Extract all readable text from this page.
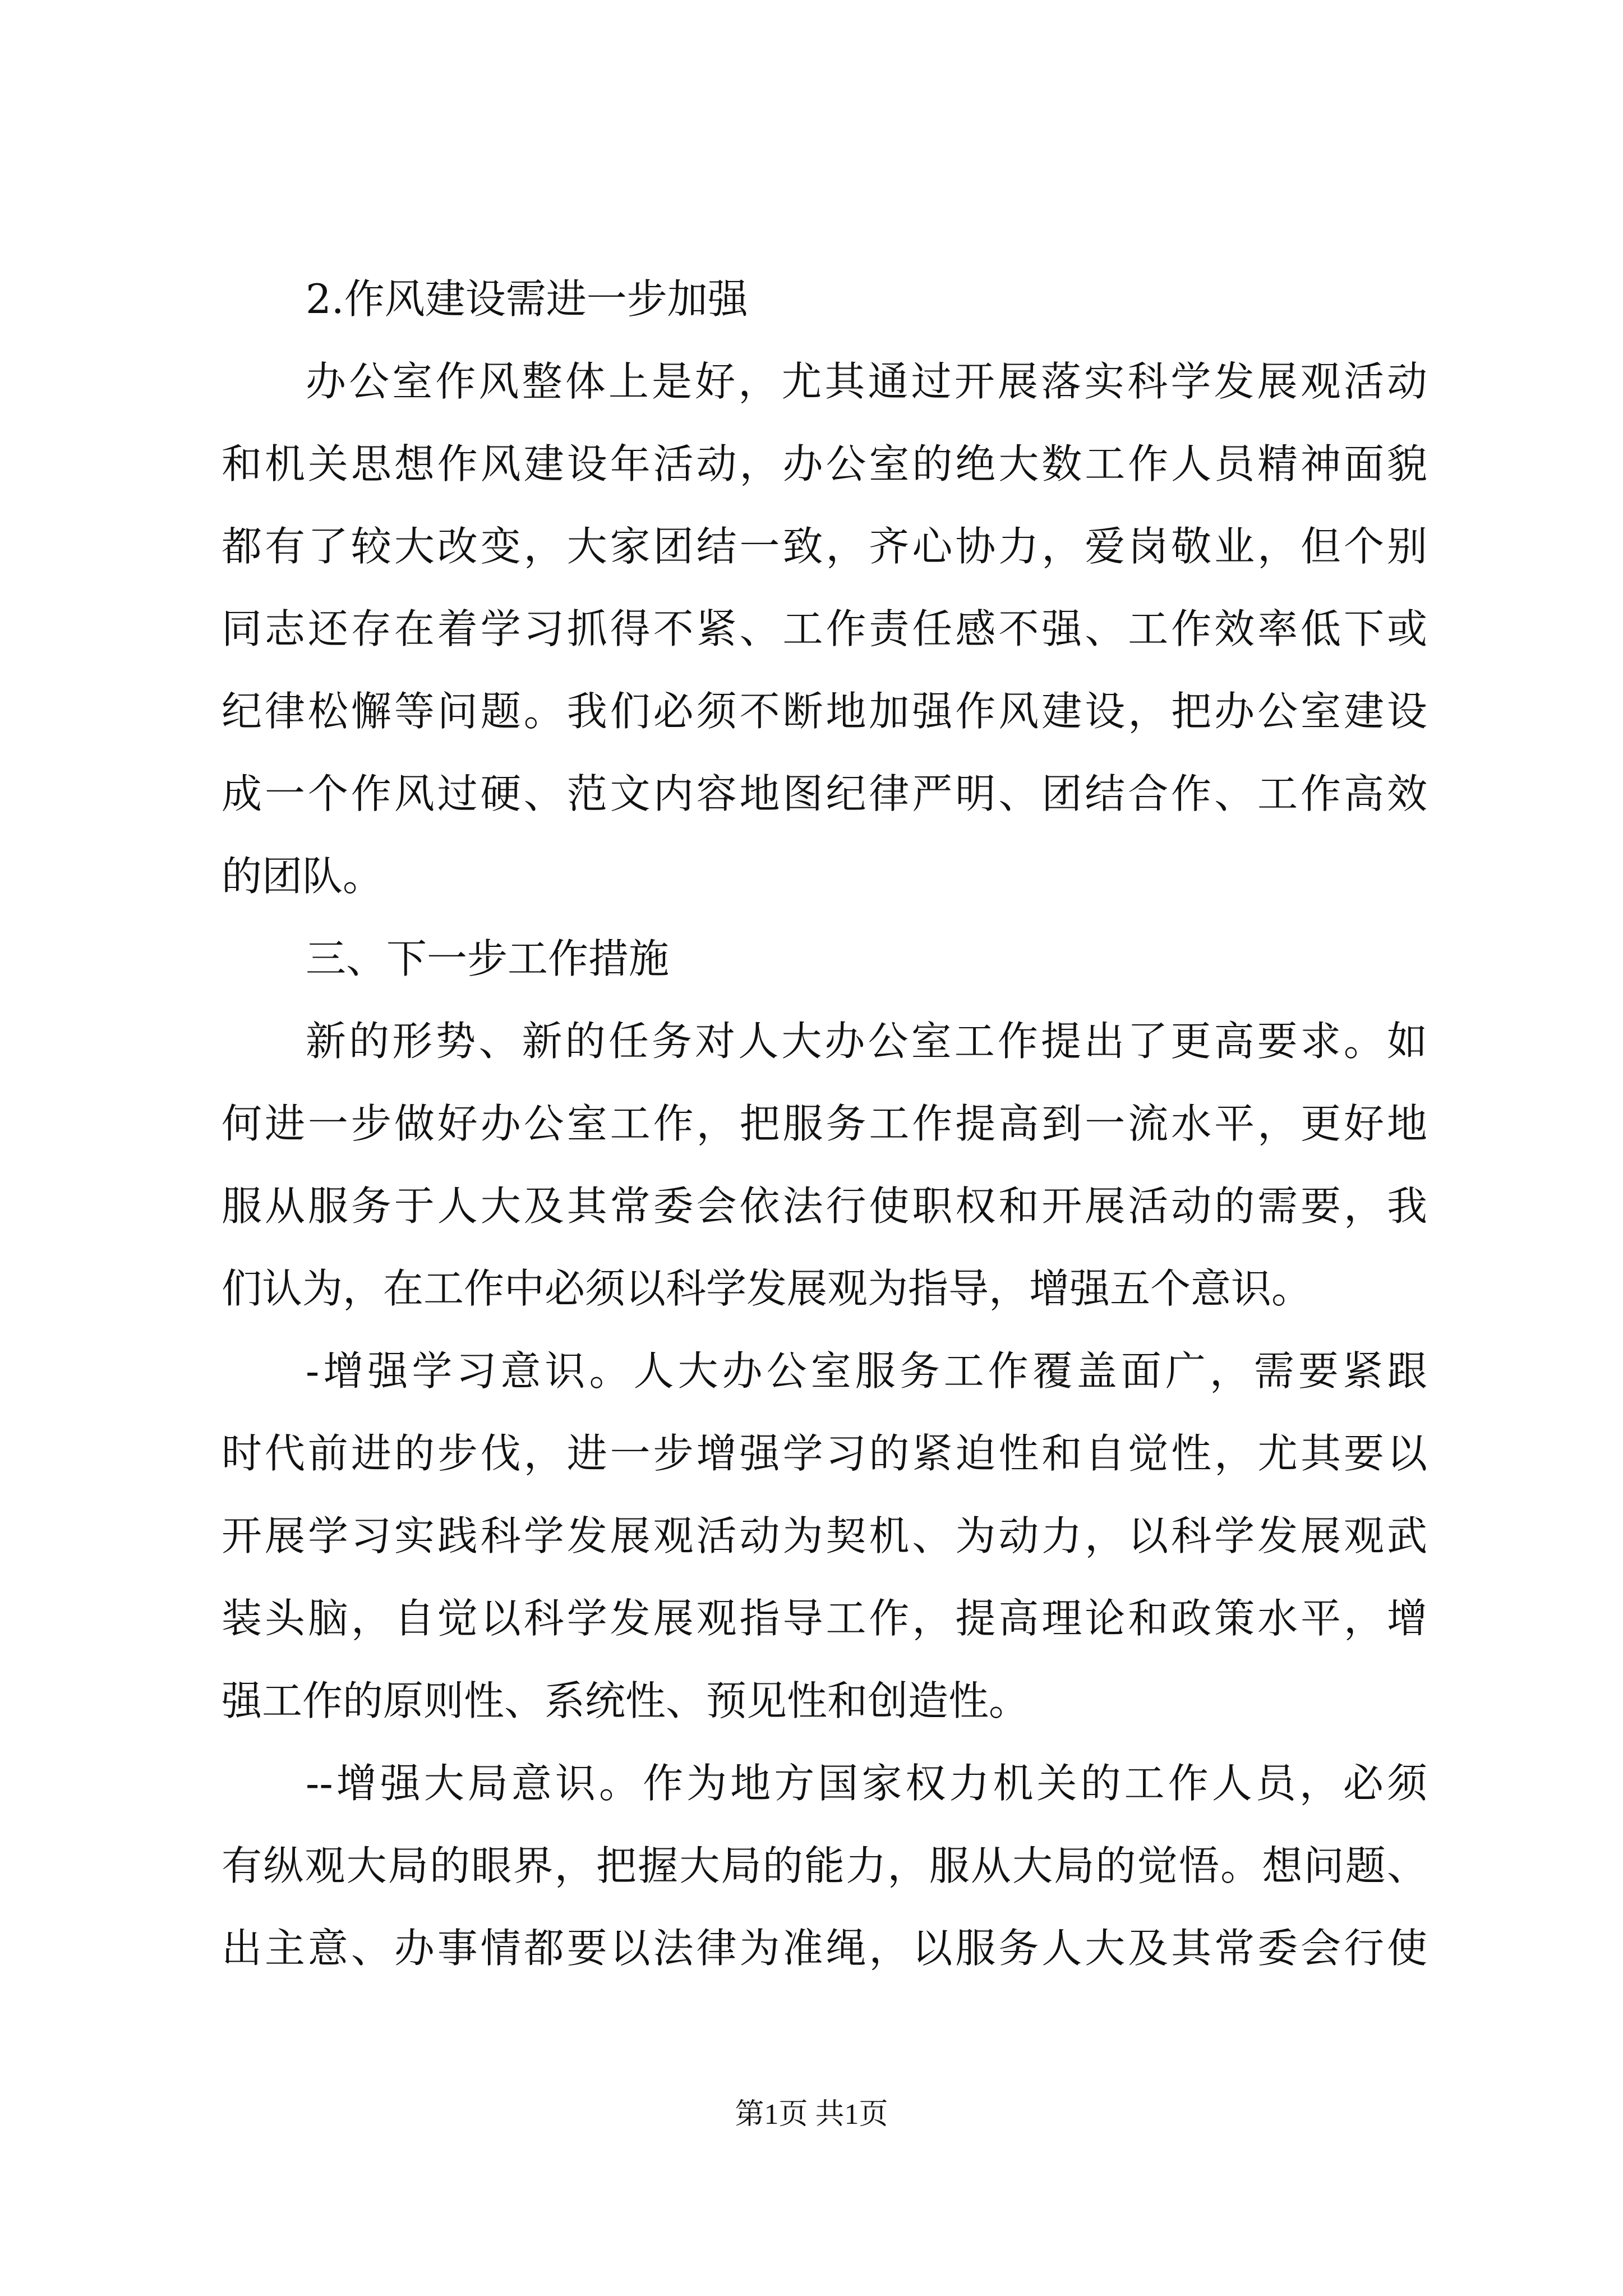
2.作风建设需进一步加强
办公室作风整体上是好，尤其通过开展落实科学发展观活动
和机关思想作风建设年活动，办公室的绝大数工作人员精神面貌
都有了较大改变，大家团结一致，齐心协力，爱岗敬业，但个别
同志还存在着学习抓得不紧、工作责任感不强、工作效率低下或
纪律松懈等问题。我们必须不断地加强作风建设，把办公室建设
成一个作风过硬、范文内容地图纪律严明、团结合作、工作高效
的团队。
三、下一步工作措施
新的形势、新的任务对人大办公室工作提出了更高要求。如
何进一步做好办公室工作，把服务工作提高到一流水平，更好地
服从服务于人大及其常委会依法行使职权和开展活动的需要，我
们认为，在工作中必须以科学发展观为指导，增强五个意识。
-增强学习意识。人大办公室服务工作覆盖面广，需要紧跟
时代前进的步伐，进一步增强学习的紧迫性和自觉性，尤其要以
开展学习实践科学发展观活动为契机、为动力，以科学发展观武
装头脑，自觉以科学发展观指导工作，提高理论和政策水平，增
强工作的原则性、系统性、预见性和创造性。
--增强大局意识。作为地方国家权力机关的工作人员，必须
有纵观大局的眼界，把握大局的能力，服从大局的觉悟。想问题、
出主意、办事情都要以法律为准绳，以服务人大及其常委会行使
第1页 共1页
